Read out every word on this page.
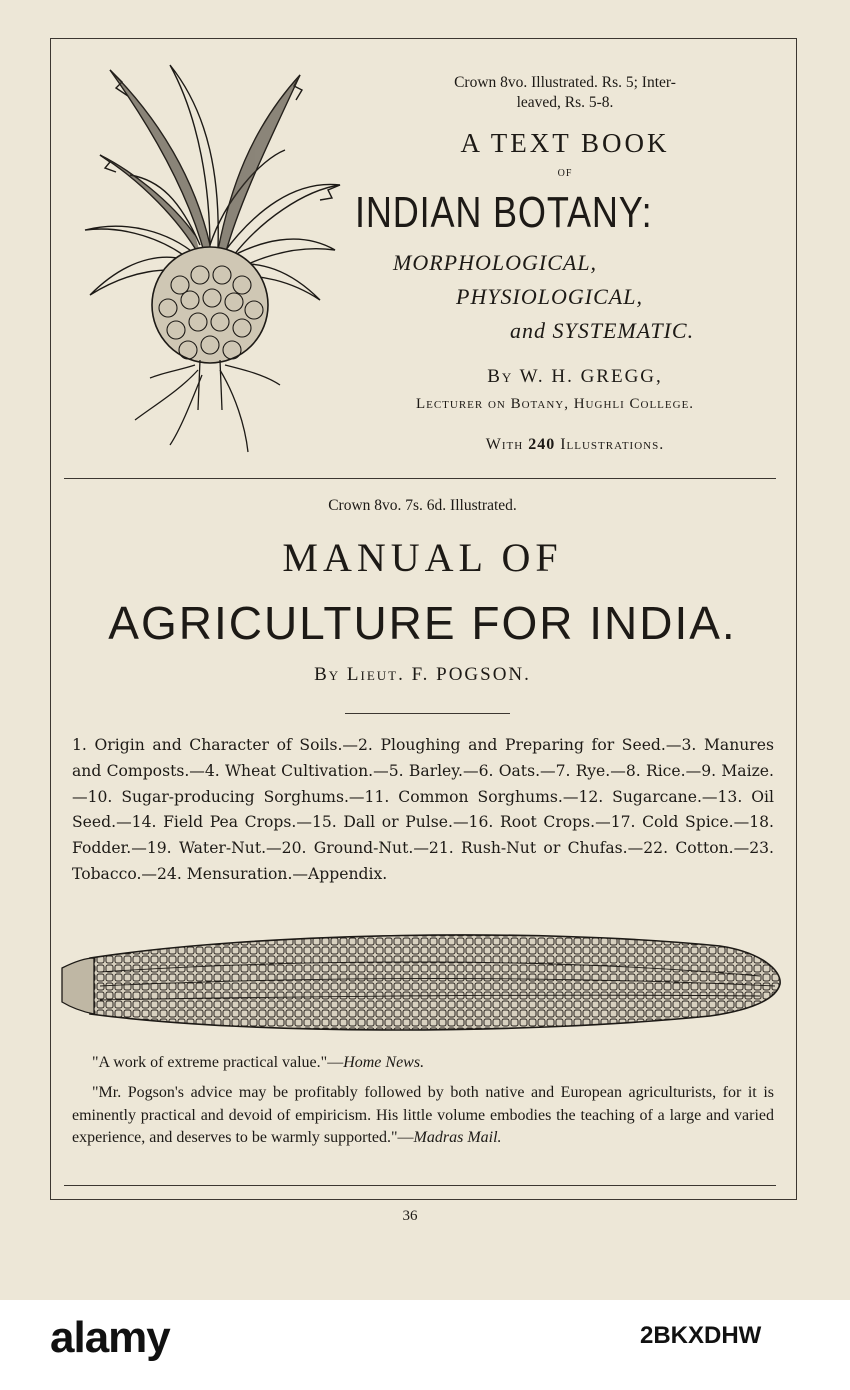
Crown 8vo. Illustrated. Rs. 5; Inter-
leaved, Rs. 5-8.
A TEXT BOOK
OF
INDIAN BOTANY:
MORPHOLOGICAL,
PHYSIOLOGICAL,
and SYSTEMATIC.
By W. H. GREGG,
Lecturer on Botany, Hughli College.
With 240 Illustrations.
Crown 8vo. 7s. 6d. Illustrated.
MANUAL OF
AGRICULTURE FOR INDIA.
By Lieut. F. POGSON.
1. Origin and Character of Soils.—2. Ploughing and Preparing for Seed.—3. Manures and Composts.—4. Wheat Cultivation.—5. Barley.—6. Oats.—7. Rye.—8. Rice.—9. Maize.—10. Sugar-producing Sorghums.—11. Common Sorghums.—12. Sugarcane.—13. Oil Seed.—14. Field Pea Crops.—15. Dall or Pulse.—16. Root Crops.—17. Cold Spice.—18. Fodder.—19. Water-Nut.—20. Ground-Nut.—21. Rush-Nut or Chufas.—22. Cotton.—23. Tobacco.—24. Mensuration.—Appendix.
"A work of extreme practical value."—Home News.
"Mr. Pogson's advice may be profitably followed by both native and European agriculturists, for it is eminently practical and devoid of empiricism. His little volume embodies the teaching of a large and varied experience, and deserves to be warmly supported."—Madras Mail.
36
alamy	2BKXDHW
